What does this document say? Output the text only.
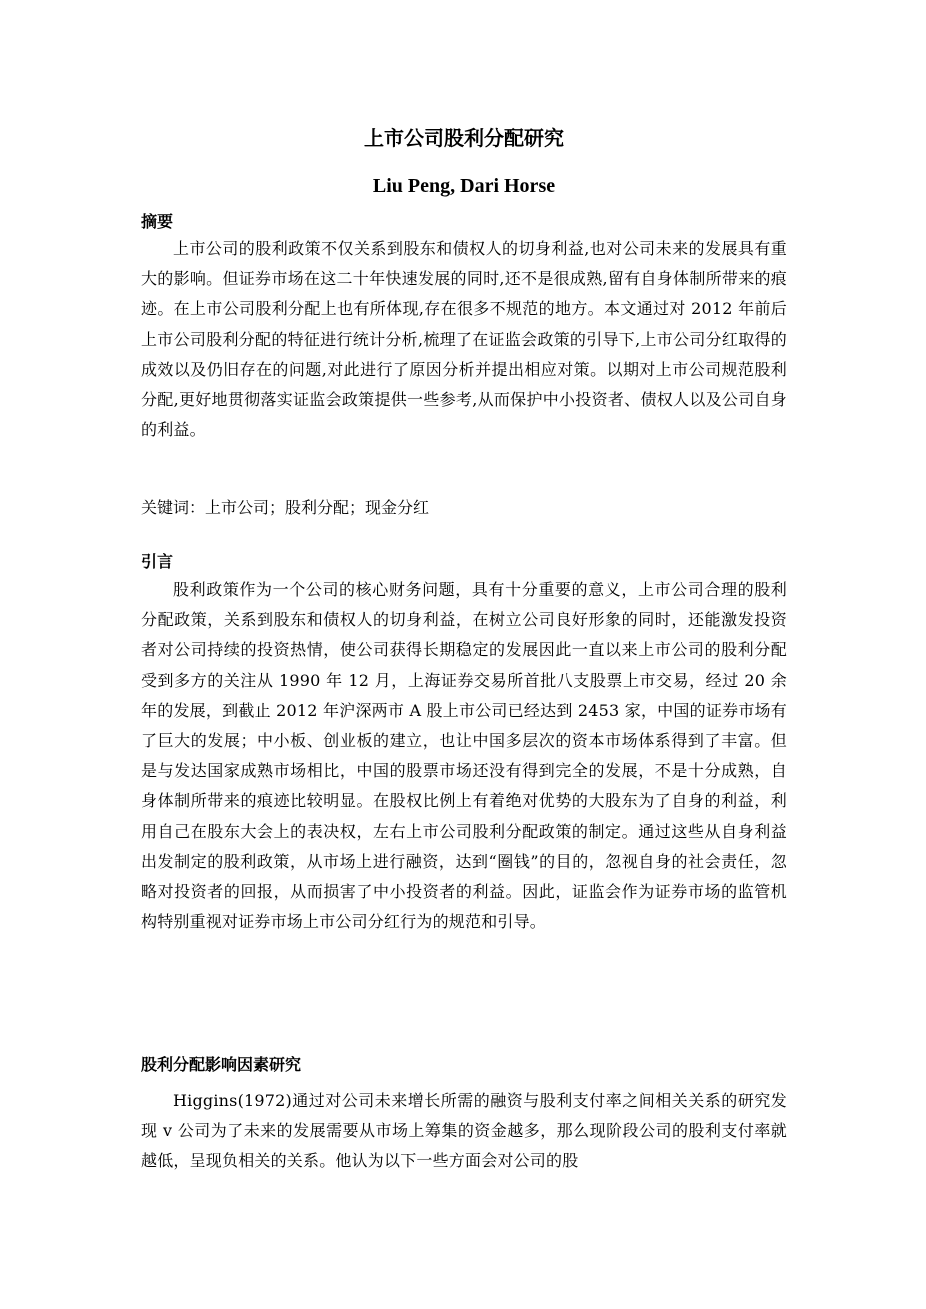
上市公司股利分配研究
Liu Peng, Dari Horse
摘要

上市公司的股利政策不仅关系到股东和债权人的切身利益,也对公司未来的发展具有重大的影响。但证券市场在这二十年快速发展的同时,还不是很成熟,留有自身体制所带来的痕迹。在上市公司股利分配上也有所体现,存在很多不规范的地方。本文通过对 2012 年前后上市公司股利分配的特征进行统计分析,梳理了在证监会政策的引导下,上市公司分红取得的成效以及仍旧存在的问题,对此进行了原因分析并提出相应对策。以期对上市公司规范股利分配,更好地贯彻落实证监会政策提供一些参考,从而保护中小投资者、债权人以及公司自身的利益。

关键词：上市公司；股利分配；现金分红

引言

股利政策作为一个公司的核心财务问题，具有十分重要的意义，上市公司合理的股利分配政策，关系到股东和债权人的切身利益，在树立公司良好形象的同时，还能激发投资者对公司持续的投资热情，使公司获得长期稳定的发展因此一直以来上市公司的股利分配受到多方的关注从 1990 年 12 月，上海证券交易所首批八支股票上市交易，经过 20 余年的发展，到截止 2012 年沪深两市 A 股上市公司已经达到 2453 家，中国的证券市场有了巨大的发展；中小板、创业板的建立，也让中国多层次的资本市场体系得到了丰富。但是与发达国家成熟市场相比，中国的股票市场还没有得到完全的发展，不是十分成熟，自身体制所带来的痕迹比较明显。在股权比例上有着绝对优势的大股东为了自身的利益，利用自己在股东大会上的表决权，左右上市公司股利分配政策的制定。通过这些从自身利益出发制定的股利政策，从市场上进行融资，达到“圈钱”的目的，忽视自身的社会责任，忽略对投资者的回报，从而损害了中小投资者的利益。因此，证监会作为证券市场的监管机构特别重视对证券市场上市公司分红行为的规范和引导。

股利分配影响因素研究

Higgins(1972)通过对公司未来增长所需的融资与股利支付率之间相关关系的研究发现 v 公司为了未来的发展需要从市场上筹集的资金越多，那么现阶段公司的股利支付率就越低，呈现负相关的关系。他认为以下一些方面会对公司的股
